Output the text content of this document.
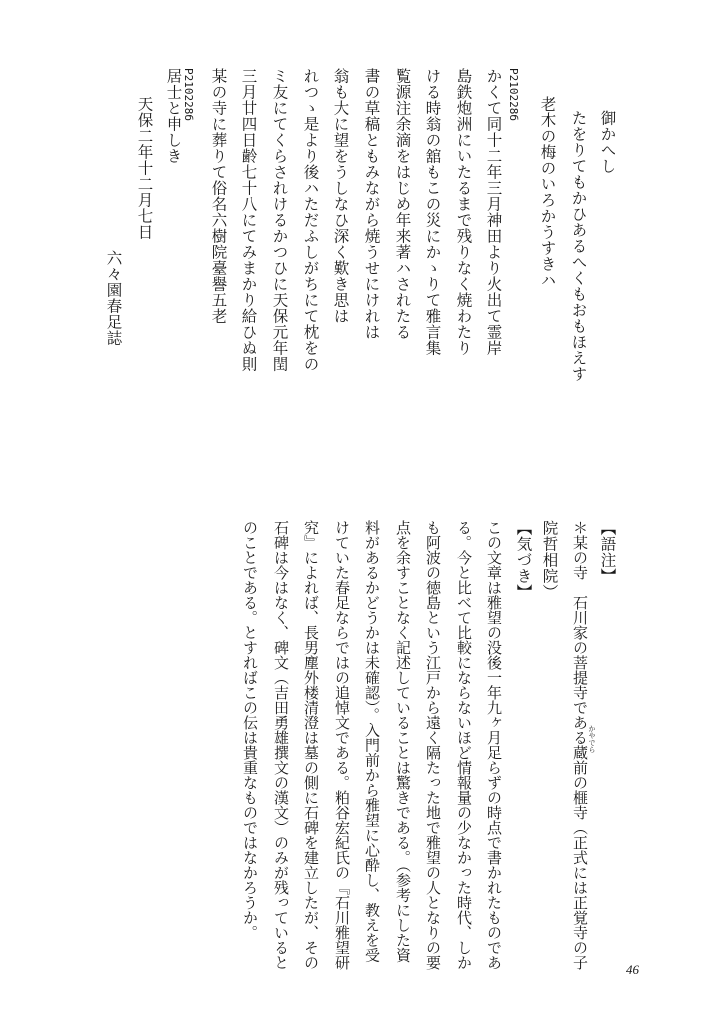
御かへし
たをりてもかひあるへくもおもほえす
老木の梅のいろかうすきハ
P210228б
かくて同十二年三月神田より火出て霊岸
島鉄炮洲にいたるまで残りなく焼わたり
ける時翁の舘もこの災にかゝりて雅言集
覧源注余滴をはじめ年来著ハされたる
書の草稿ともみながら焼うせにけれは
翁も大に望をうしなひ深く歎き思は
れつゝ是より後ハただふしがちにて枕をの
ミ友にてくらされけるかつひに天保元年閏
三月廿四日齢七十八にてみまかり給ひぬ則
某の寺に葬りて俗名六樹院臺譽五老
P210228б
居士と申しき
天保二年十二月七日
六々園春足誌
【語注】
＊某の寺　石川家の菩提寺である蔵前の榧寺（正式には正覚寺の子 かやでら
院哲相院）
【気づき】
この文章は雅望の没後一年九ヶ月足らずの時点で書かれたものであ
る。今と比べて比較にならないほど情報量の少なかった時代、しか
も阿波の徳島という江戸から遠く隔たった地で雅望の人となりの要
点を余すことなく記述していることは驚きである。（参考にした資
料があるかどうかは未確認）。入門前から雅望に心酔し、教えを受
けていた春足ならではの追悼文である。粕谷宏紀氏の『石川雅望研
究』によれば、長男塵外楼清澄は墓の側に石碑を建立したが、その
石碑は今はなく、碑文（吉田勇雄撰文の漢文）のみが残っていると
のことである。とすればこの伝は貴重なものではなかろうか。
46
